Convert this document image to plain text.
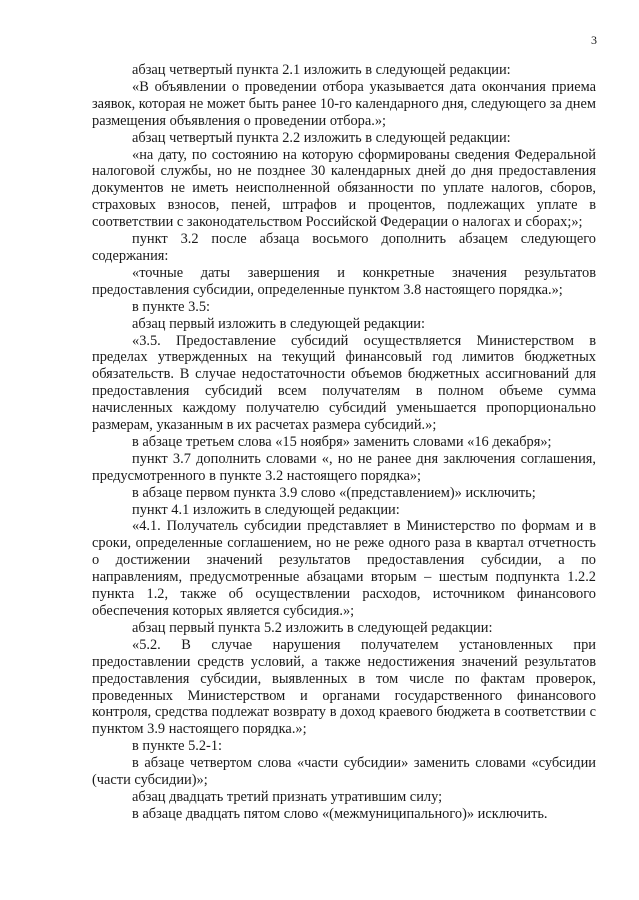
3

абзац четвертый пункта 2.1 изложить в следующей редакции:

«В объявлении о проведении отбора указывается дата окончания приема заявок, которая не может быть ранее 10-го календарного дня, следующего за днем размещения объявления о проведении отбора.»;

абзац четвертый пункта 2.2 изложить в следующей редакции:

«на дату, по состоянию на которую сформированы сведения Федеральной налоговой службы, но не позднее 30 календарных дней до дня предоставления документов не иметь неисполненной обязанности по уплате налогов, сборов, страховых взносов, пеней, штрафов и процентов, подлежащих уплате в соответствии с законодательством Российской Федерации о налогах и сборах;»;

пункт 3.2 после абзаца восьмого дополнить абзацем следующего содержания:

«точные даты завершения и конкретные значения результатов предоставления субсидии, определенные пунктом 3.8 настоящего порядка.»;

в пункте 3.5:

абзац первый изложить в следующей редакции:

«3.5. Предоставление субсидий осуществляется Министерством в пределах утвержденных на текущий финансовый год лимитов бюджетных обязательств. В случае недостаточности объемов бюджетных ассигнований для предоставления субсидий всем получателям в полном объеме сумма начисленных каждому получателю субсидий уменьшается пропорционально размерам, указанным в их расчетах размера субсидий.»;

в абзаце третьем слова «15 ноября» заменить словами «16 декабря»;

пункт 3.7 дополнить словами «, но не ранее дня заключения соглашения, предусмотренного в пункте 3.2 настоящего порядка»;

в абзаце первом пункта 3.9 слово «(представлением)» исключить;

пункт 4.1 изложить в следующей редакции:

«4.1. Получатель субсидии представляет в Министерство по формам и в сроки, определенные соглашением, но не реже одного раза в квартал отчетность о достижении значений результатов предоставления субсидии, а по направлениям, предусмотренные абзацами вторым – шестым подпункта 1.2.2 пункта 1.2, также об осуществлении расходов, источником финансового обеспечения которых является субсидия.»;

абзац первый пункта 5.2 изложить в следующей редакции:

«5.2. В случае нарушения получателем установленных при предоставлении средств условий, а также недостижения значений результатов предоставления субсидии, выявленных в том числе по фактам проверок, проведенных Министерством и органами государственного финансового контроля, средства подлежат возврату в доход краевого бюджета в соответствии с пунктом 3.9 настоящего порядка.»;

в пункте 5.2-1:

в абзаце четвертом слова «части субсидии» заменить словами «субсидии (части субсидии)»;

абзац двадцать третий признать утратившим силу;

в абзаце двадцать пятом слово «(межмуниципального)» исключить.
